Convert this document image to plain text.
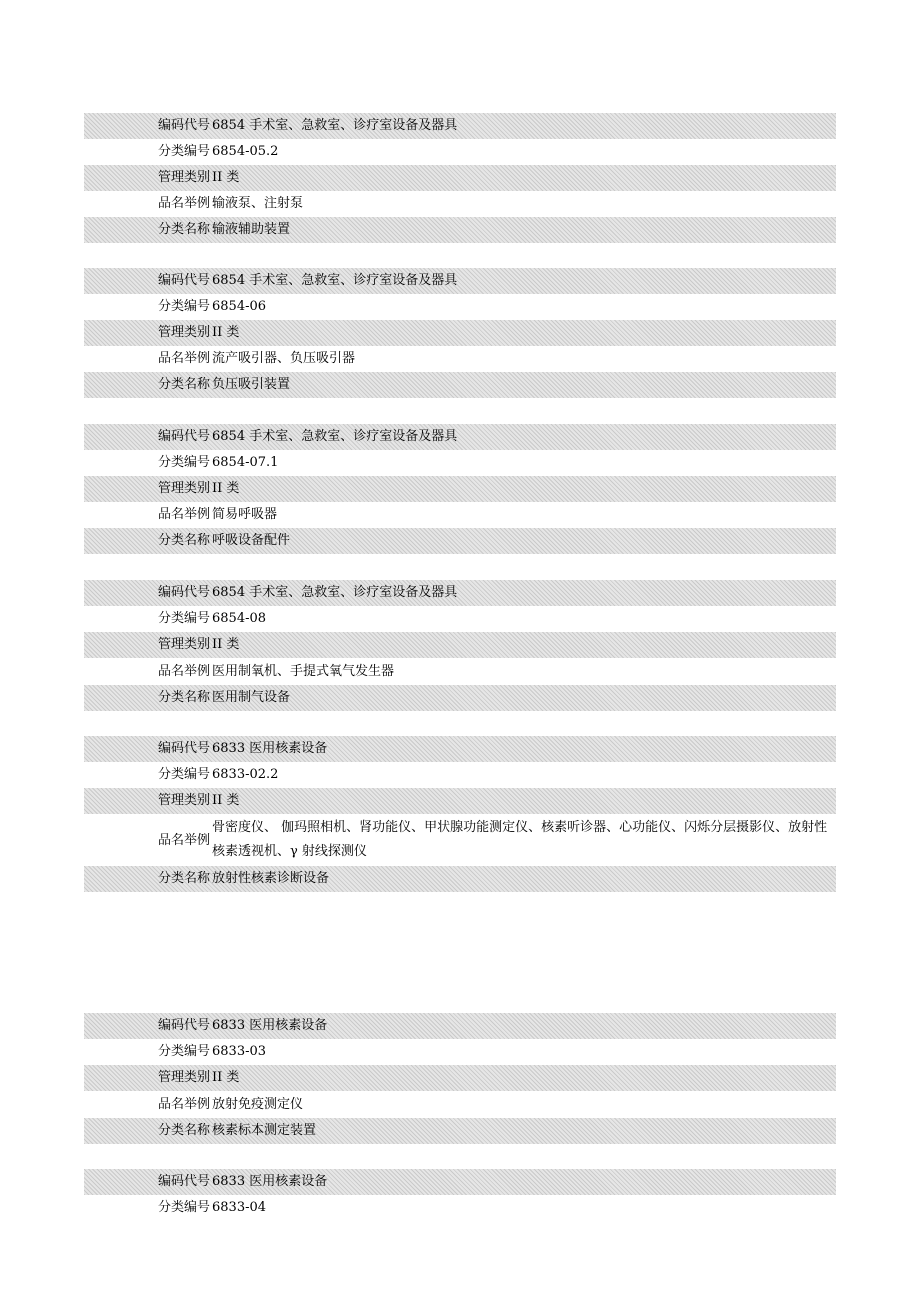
编码代号 6854 手术室、急救室、诊疗室设备及器具
分类编号 6854-05.2
管理类别 II 类
品名举例 输液泵、注射泵
分类名称 输液辅助装置
编码代号 6854 手术室、急救室、诊疗室设备及器具
分类编号 6854-06
管理类别 II 类
品名举例 流产吸引器、负压吸引器
分类名称 负压吸引装置
编码代号 6854 手术室、急救室、诊疗室设备及器具
分类编号 6854-07.1
管理类别 II 类
品名举例 简易呼吸器
分类名称 呼吸设备配件
编码代号 6854 手术室、急救室、诊疗室设备及器具
分类编号 6854-08
管理类别 II 类
品名举例 医用制氧机、手提式氧气发生器
分类名称 医用制气设备
编码代号 6833 医用核素设备
分类编号 6833-02.2
管理类别 II 类
品名举例
骨密度仪、 伽玛照相机、肾功能仪、甲状腺功能测定仪、核素听诊器、心功能仪、闪烁分层摄影仪、放射性核素透视机、γ 射线探测仪
分类名称 放射性核素诊断设备
编码代号 6833 医用核素设备
分类编号 6833-03
管理类别 II 类
品名举例 放射免疫测定仪
分类名称 核素标本测定装置
编码代号 6833 医用核素设备
分类编号 6833-04
